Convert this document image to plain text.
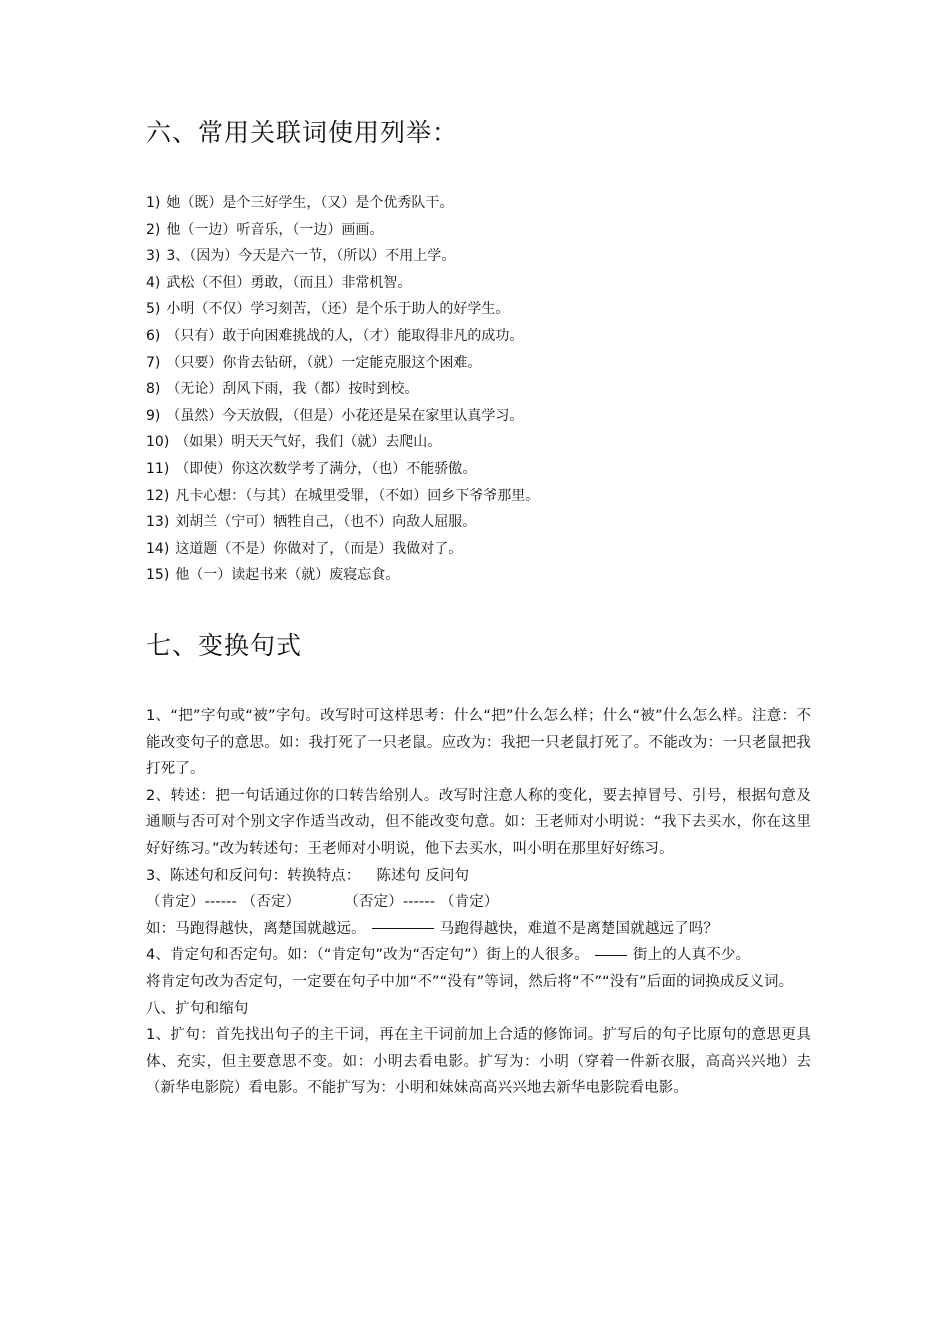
六、常用关联词使用列举：
1) 她（既）是个三好学生，（又）是个优秀队干。
2) 他（一边）听音乐，（一边）画画。
3) 3、（因为）今天是六一节，（所以）不用上学。
4) 武松（不但）勇敢，（而且）非常机智。
5) 小明（不仅）学习刻苦，（还）是个乐于助人的好学生。
6) （只有）敢于向困难挑战的人，（才）能取得非凡的成功。
7) （只要）你肯去钻研，（就）一定能克服这个困难。
8) （无论）刮风下雨，我（都）按时到校。
9) （虽然）今天放假，（但是）小花还是呆在家里认真学习。
10) （如果）明天天气好，我们（就）去爬山。
11) （即使）你这次数学考了满分，（也）不能骄傲。
12) 凡卡心想：（与其）在城里受罪，（不如）回乡下爷爷那里。
13) 刘胡兰（宁可）牺牲自己，（也不）向敌人屈服。
14) 这道题（不是）你做对了，（而是）我做对了。
15) 他（一）读起书来（就）废寝忘食。
七、变换句式

1、“把”字句或“被”字句。改写时可这样思考：什么“把”什么怎么样；什么“被”什么怎么样。注意：不能改变句子的意思。如：我打死了一只老鼠。应改为：我把一只老鼠打死了。不能改为：一只老鼠把我打死了。

2、转述：把一句话通过你的口转告给别人。改写时注意人称的变化，要去掉冒号、引号，根据句意及通顺与否可对个别文字作适当改动，但不能改变句意。如：王老师对小明说：“我下去买水，你在这里好好练习。”改为转述句：王老师对小明说，他下去买水，叫小明在那里好好练习。

3、陈述句和反问句：转换特点： 陈述句 反问句

（肯定）------ （否定）	（否定）------ （肯定）

如：马跑得越快，离楚国就越远。	马跑得越快，难道不是离楚国就越远了吗？

4、肯定句和否定句。如：（“肯定句”改为“否定句”）街上的人很多。	街上的人真不少。

将肯定句改为否定句，一定要在句子中加“不”“没有”等词，然后将“不”“没有”后面的词换成反义词。

八、扩句和缩句

1、扩句：首先找出句子的主干词，再在主干词前加上合适的修饰词。扩写后的句子比原句的意思更具体、充实，但主要意思不变。如：小明去看电影。扩写为：小明（穿着一件新衣服，高高兴兴地）去（新华电影院）看电影。不能扩写为：小明和妹妹高高兴兴地去新华电影院看电影。
